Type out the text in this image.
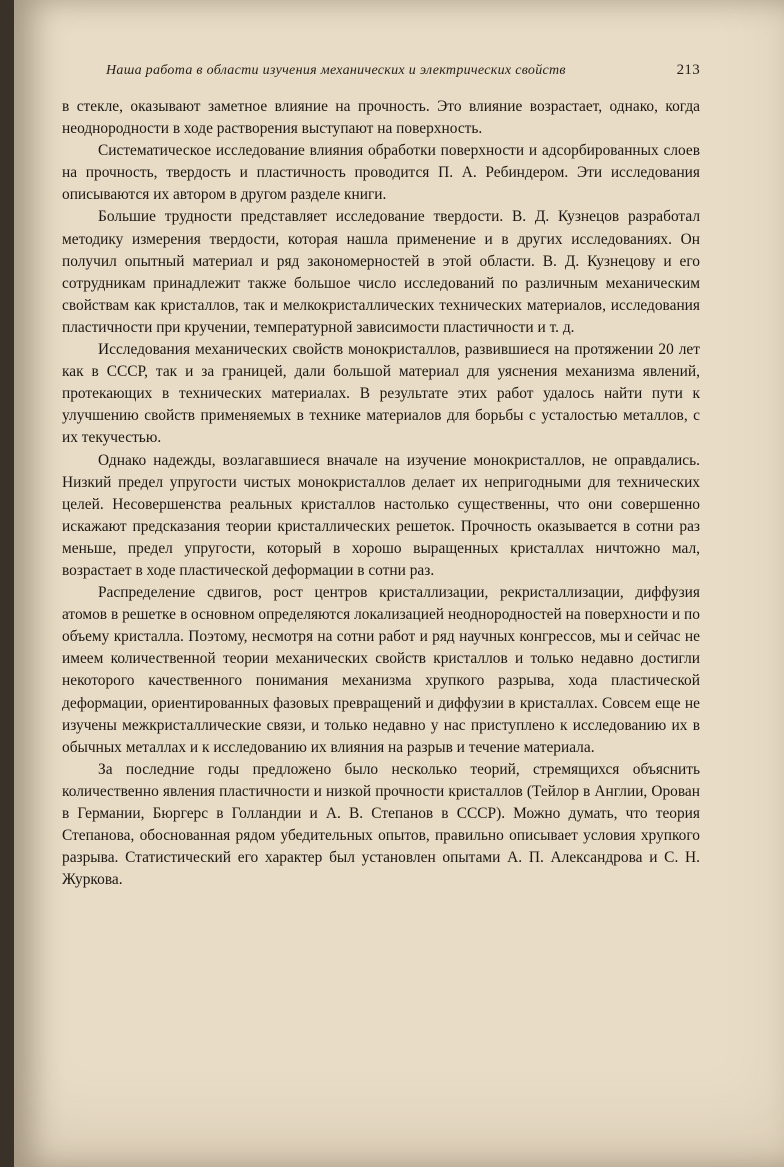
Наша работа в области изучения механических и электрических свойств	213

в стекле, оказывают заметное влияние на прочность. Это влияние возрастает, однако, когда неоднородности в ходе растворения выступают на поверхность.

Систематическое исследование влияния обработки поверхности и адсорбированных слоев на прочность, твердость и пластичность проводится П. А. Ребиндером. Эти исследования описываются их автором в другом разделе книги.

Большие трудности представляет исследование твердости. В. Д. Кузнецов разработал методику измерения твердости, которая нашла применение и в других исследованиях. Он получил опытный материал и ряд закономерностей в этой области. В. Д. Кузнецову и его сотрудникам принадлежит также большое число исследований по различным механическим свойствам как кристаллов, так и мелкокристаллических технических материалов, исследования пластичности при кручении, температурной зависимости пластичности и т. д.

Исследования механических свойств монокристаллов, развившиеся на протяжении 20 лет как в СССР, так и за границей, дали большой материал для уяснения механизма явлений, протекающих в технических материалах. В результате этих работ удалось найти пути к улучшению свойств применяемых в технике материалов для борьбы с усталостью металлов, с их текучестью.

Однако надежды, возлагавшиеся вначале на изучение монокристаллов, не оправдались. Низкий предел упругости чистых монокристаллов делает их непригодными для технических целей. Несовершенства реальных кристаллов настолько существенны, что они совершенно искажают предсказания теории кристаллических решеток. Прочность оказывается в сотни раз меньше, предел упругости, который в хорошо выращенных кристаллах ничтожно мал, возрастает в ходе пластической деформации в сотни раз.

Распределение сдвигов, рост центров кристаллизации, рекристаллизации, диффузия атомов в решетке в основном определяются локализацией неоднородностей на поверхности и по объему кристалла. Поэтому, несмотря на сотни работ и ряд научных конгрессов, мы и сейчас не имеем количественной теории механических свойств кристаллов и только недавно достигли некоторого качественного понимания механизма хрупкого разрыва, хода пластической деформации, ориентированных фазовых превращений и диффузии в кристаллах. Совсем еще не изучены межкристаллические связи, и только недавно у нас приступлено к исследованию их в обычных металлах и к исследованию их влияния на разрыв и течение материала.

За последние годы предложено было несколько теорий, стремящихся объяснить количественно явления пластичности и низкой прочности кристаллов (Тейлор в Англии, Орован в Германии, Бюргерс в Голландии и А. В. Степанов в СССР). Можно думать, что теория Степанова, обоснованная рядом убедительных опытов, правильно описывает условия хрупкого разрыва. Статистический его характер был установлен опытами А. П. Александрова и С. Н. Журкова.
